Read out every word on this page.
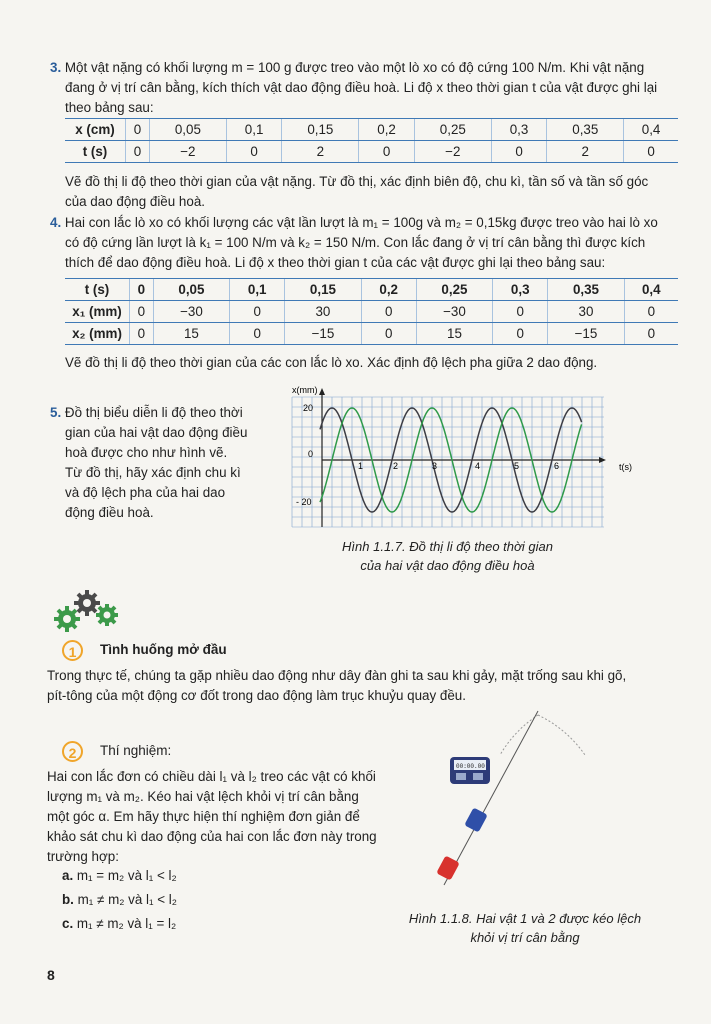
3. Một vật nặng có khối lượng m = 100 g được treo vào một lò xo có độ cứng 100 N/m. Khi vật nặng
đang ở vị trí cân bằng, kích thích vật dao động điều hoà. Li độ x theo thời gian t của vật được ghi lại
theo bảng sau:
x (cm)	0	0,05	0,1	0,15	0,2	0,25	0,3	0,35	0,4
t (s)	0	−2	0	2	0	−2	0	2	0
Vẽ đồ thị li độ theo thời gian của vật nặng. Từ đồ thị, xác định biên độ, chu kì, tần số và tần số góc
của dao động điều hoà.
4. Hai con lắc lò xo có khối lượng các vật lần lượt là m₁ = 100g và m₂ = 0,15kg được treo vào hai lò xo
có độ cứng lần lượt là k₁ = 100 N/m và k₂ = 150 N/m. Con lắc đang ở vị trí cân bằng thì được kích
thích để dao động điều hoà. Li độ x theo thời gian t của các vật được ghi lại theo bảng sau:
t (s)	0	0,05	0,1	0,15	0,2	0,25	0,3	0,35	0,4
x₁ (mm)	0	−30	0	30	0	−30	0	30	0
x₂ (mm)	0	15	0	−15	0	15	0	−15	0
Vẽ đồ thị li độ theo thời gian của các con lắc lò xo. Xác định độ lệch pha giữa 2 dao động.
5. Đồ thị biểu diễn li độ theo thời
gian của hai vật dao động điều
hoà được cho như hình vẽ.
Từ đồ thị, hãy xác định chu kì
và độ lệch pha của hai dao
động điều hoà.
x(mm)
t(s)
20
0
- 20
1	2	3	4	5	6
Hình 1.1.7. Đồ thị li độ theo thời gian
của hai vật dao động điều hoà
1	Tình huống mở đầu
Trong thực tế, chúng ta gặp nhiều dao động như dây đàn ghi ta sau khi gảy, mặt trống sau khi gõ,
pít-tông của một động cơ đốt trong dao động làm trục khuỷu quay đều.
2	Thí nghiệm:
Hai con lắc đơn có chiều dài l₁ và l₂ treo các vật có khối
lượng m₁ và m₂. Kéo hai vật lệch khỏi vị trí cân bằng
một góc α. Em hãy thực hiện thí nghiệm đơn giản để
khảo sát chu kì dao động của hai con lắc đơn này trong
trường hợp:
a. m₁ = m₂ và l₁ < l₂
b. m₁ ≠ m₂ và l₁ < l₂
c. m₁ ≠ m₂ và l₁ = l₂
00:00.00
Hình 1.1.8. Hai vật 1 và 2 được kéo lệch
khỏi vị trí cân bằng
8
